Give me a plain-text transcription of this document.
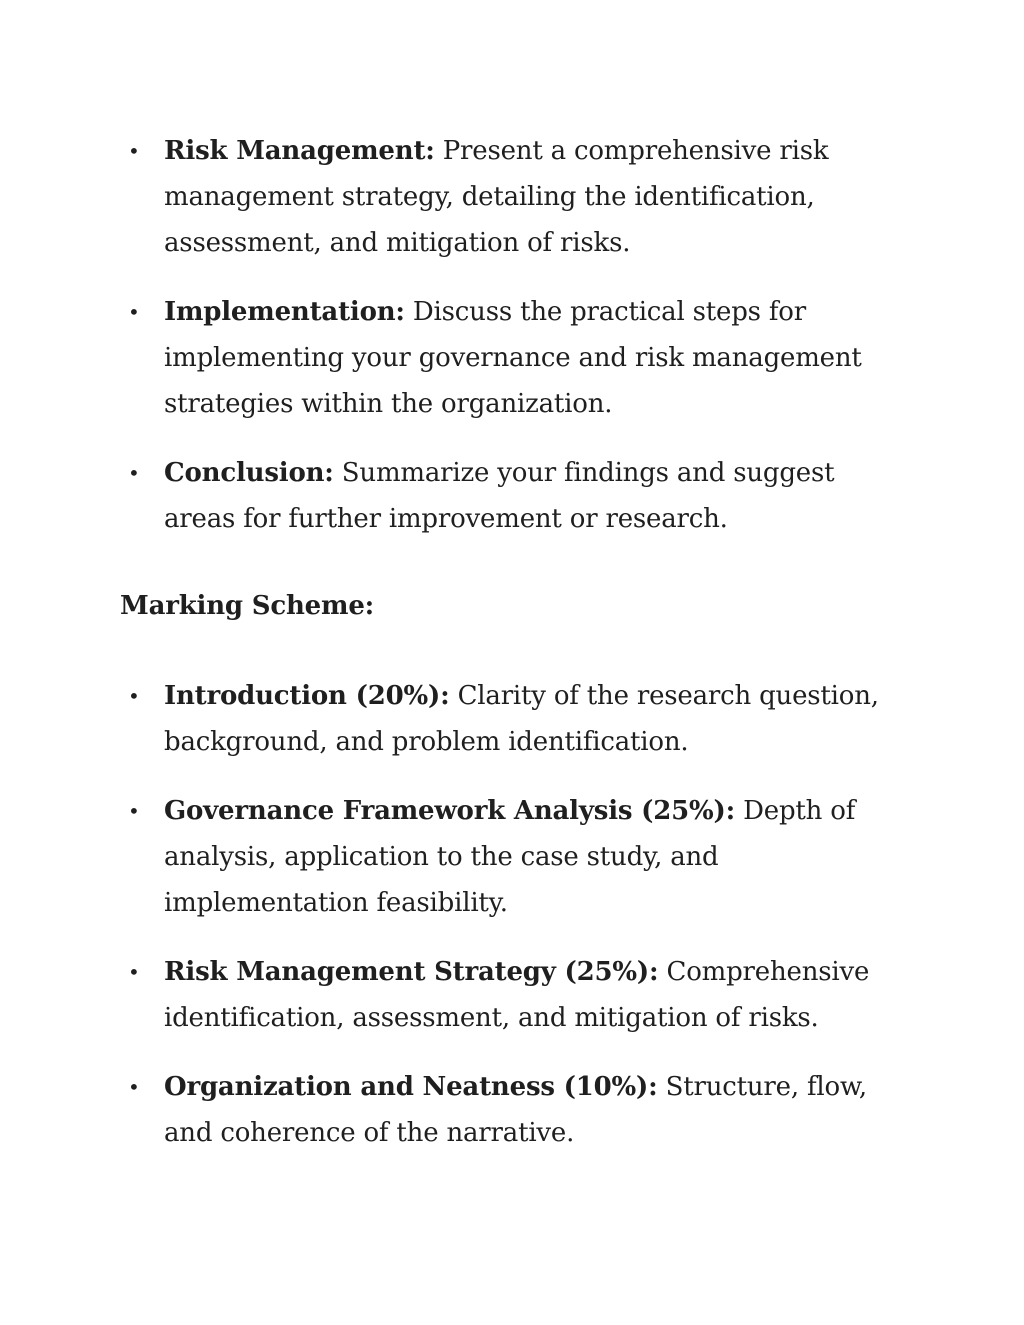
• Risk Management: Present a comprehensive risk management strategy, detailing the identification, assessment, and mitigation of risks.
• Implementation: Discuss the practical steps for implementing your governance and risk management strategies within the organization.
• Conclusion: Summarize your findings and suggest areas for further improvement or research.
Marking Scheme:
• Introduction (20%): Clarity of the research question, background, and problem identification.
• Governance Framework Analysis (25%): Depth of analysis, application to the case study, and implementation feasibility.
• Risk Management Strategy (25%): Comprehensive identification, assessment, and mitigation of risks.
• Organization and Neatness (10%): Structure, flow, and coherence of the narrative.
